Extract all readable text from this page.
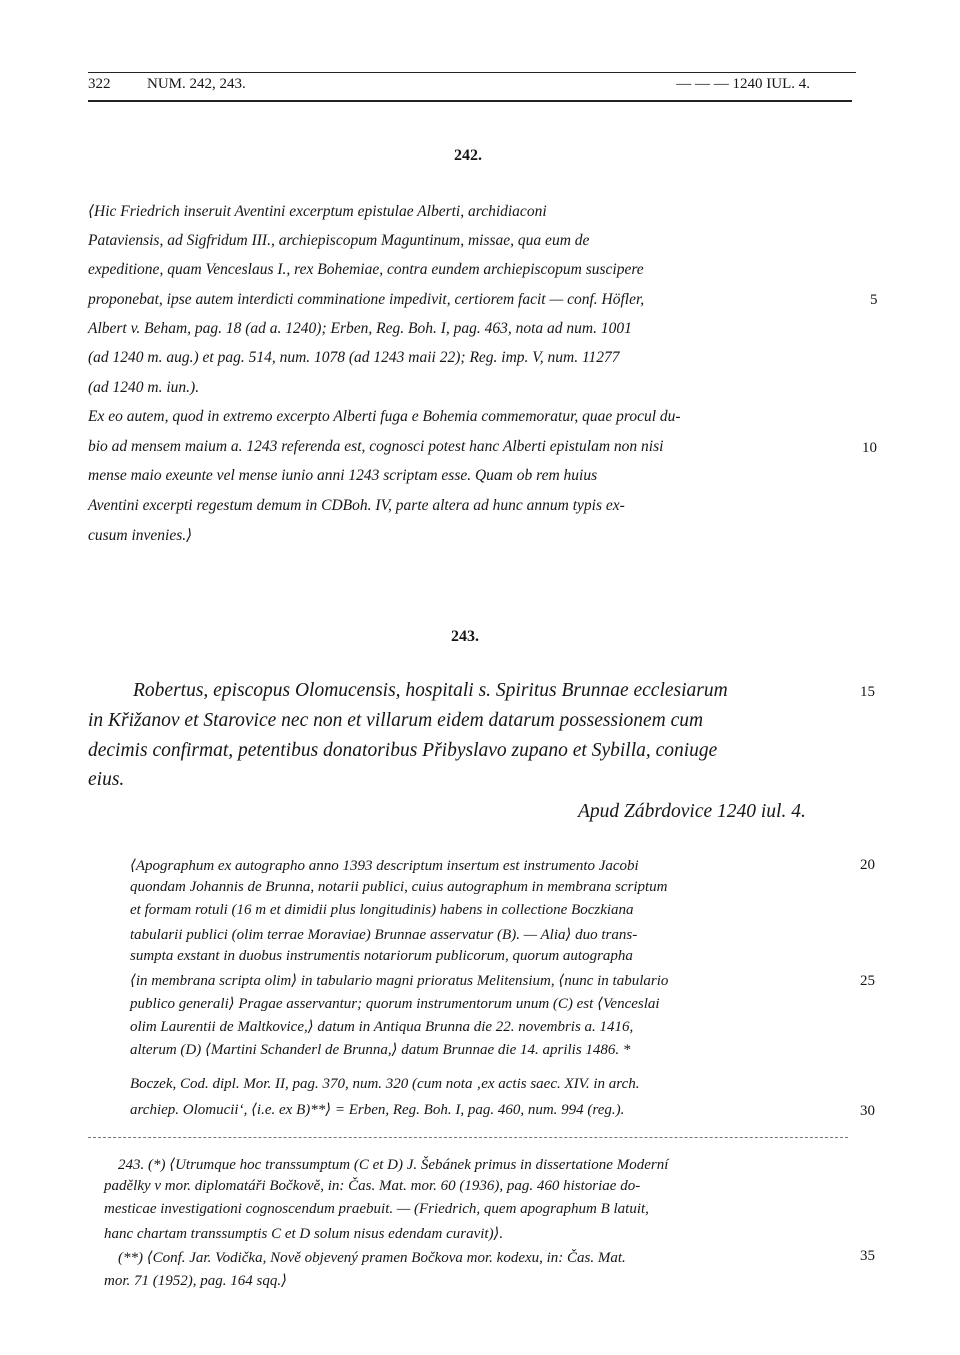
322 NUM. 242, 243.	— — — 1240 IUL. 4.
242.
⟨Hic Friedrich inseruit Aventini excerptum epistulae Alberti, archidiaconi
Pataviensis, ad Sigfridum III., archiepiscopum Maguntinum, missae, qua eum de
expeditione, quam Venceslaus I., rex Bohemiae, contra eundem archiepiscopum suscipere
proponebat, ipse autem interdicti comminatione impedivit, certiorem facit — conf. Höfler,
Albert v. Beham, pag. 18 (ad a. 1240); Erben, Reg. Boh. I, pag. 463, nota ad num. 1001
(ad 1240 m. aug.) et pag. 514, num. 1078 (ad 1243 maii 22); Reg. imp. V, num. 11277
(ad 1240 m. iun.).
Ex eo autem, quod in extremo excerpto Alberti fuga e Bohemia commemoratur, quae procul du-
bio ad mensem maium a. 1243 referenda est, cognosci potest hanc Alberti epistulam non nisi
mense maio exeunte vel mense iunio anni 1243 scriptam esse. Quam ob rem huius
Aventini excerpti regestum demum in CDBoh. IV, parte altera ad hunc annum typis ex-
cusum invenies.⟩
243.
Robertus, episcopus Olomucensis, hospitali s. Spiritus Brunnae ecclesiarum
in Křižanov et Starovice nec non et villarum eidem datarum possessionem cum
decimis confirmat, petentibus donatoribus Přibyslavo zupano et Sybilla, coniuge
eius.
Apud Zábrdovice 1240 iul. 4.
⟨Apographum ex autographo anno 1393 descriptum insertum est instrumento Jacobi
quondam Johannis de Brunna, notarii publici, cuius autographum in membrana scriptum
et formam rotuli (16 m et dimidii plus longitudinis) habens in collectione Boczkiana
tabularii publici (olim terrae Moraviae) Brunnae asservatur (B). — Alia⟩ duo trans-
sumpta exstant in duobus instrumentis notariorum publicorum, quorum autographa
⟨in membrana scripta olim⟩ in tabulario magni prioratus Melitensium, ⟨nunc in tabulario
publico generali⟩ Pragae asservantur; quorum instrumentorum unum (C) est ⟨Venceslai
olim Laurentii de Maltkovice,⟩ datum in Antiqua Brunna die 22. novembris a. 1416,
alterum (D) ⟨Martini Schanderl de Brunna,⟩ datum Brunnae die 14. aprilis 1486. *
Boczek, Cod. dipl. Mor. II, pag. 370, num. 320 (cum nota ‚ex actis saec. XIV. in arch.
archiep. Olomucii‘, ⟨i.e. ex B)**⟩ = Erben, Reg. Boh. I, pag. 460, num. 994 (reg.).
243. (*) ⟨Utrumque hoc transsumptum (C et D) J. Šebánek primus in dissertatione Moderní
padělky v mor. diplomatáři Bočkově, in: Čas. Mat. mor. 60 (1936), pag. 460 historiae do-
mesticae investigationi cognoscendum praebuit. — (Friedrich, quem apographum B latuit,
hanc chartam transsumptis C et D solum nisus edendam curavit)⟩.
(**) ⟨Conf. Jar. Vodička, Nově objevený pramen Bočkova mor. kodexu, in: Čas. Mat.
mor. 71 (1952), pag. 164 sqq.⟩
5
10
15
20
25
30
35
